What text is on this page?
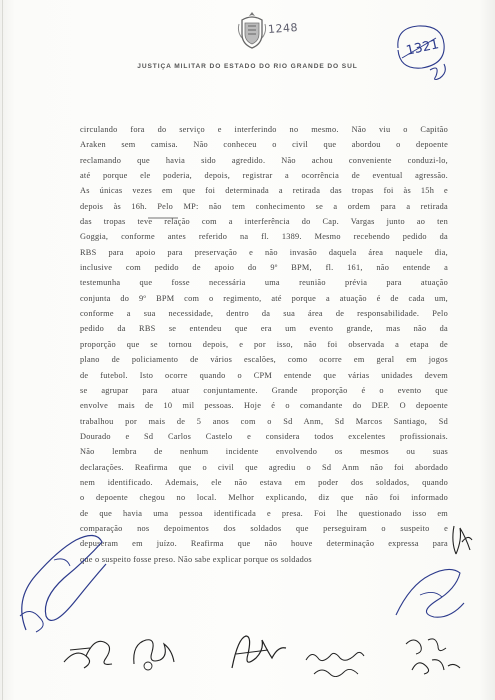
1248
JUSTIÇA MILITAR DO ESTADO DO RIO GRANDE DO SUL
1321
circulando fora do serviço e interferindo no mesmo. Não viu o Capitão
Araken sem camisa. Não conheceu o civil que abordou o depoente
reclamando que havia sido agredido. Não achou conveniente conduzi-lo,
até porque ele poderia, depois, registrar a ocorrência de eventual agressão.
As únicas vezes em que foi determinada a retirada das tropas foi às 15h e
depois às 16h. Pelo MP: não tem conhecimento se a ordem para a retirada
das tropas teve relação com a interferência do Cap. Vargas junto ao ten
Goggia, conforme antes referido na fl. 1389. Mesmo recebendo pedido da
RBS para apoio para preservação e não invasão daquela área naquele dia,
inclusive com pedido de apoio do 9º BPM, fl. 161, não entende a
testemunha que fosse necessária uma reunião prévia para atuação
conjunta do 9º BPM com o regimento, até porque a atuação é de cada um,
conforme a sua necessidade, dentro da sua área de responsabilidade. Pelo
pedido da RBS se entendeu que era um evento grande, mas não da
proporção que se tornou depois, e por isso, não foi observada a etapa de
plano de policiamento de vários escalões, como ocorre em geral em jogos
de futebol. Isto ocorre quando o CPM entende que várias unidades devem
se agrupar para atuar conjuntamente. Grande proporção é o evento que
envolve mais de 10 mil pessoas. Hoje é o comandante do DEP. O depoente
trabalhou por mais de 5 anos com o Sd Anm, Sd Marcos Santiago, Sd
Dourado e Sd Carlos Castelo e considera todos excelentes profissionais.
Não lembra de nenhum incidente envolvendo os mesmos ou suas
declarações. Reafirma que o civil que agrediu o Sd Anm não foi abordado
nem identificado. Ademais, ele não estava em poder dos soldados, quando
o depoente chegou no local. Melhor explicando, diz que não foi informado
de que havia uma pessoa identificada e presa. Foi lhe questionado isso em
comparação nos depoimentos dos soldados que perseguiram o suspeito e
depuseram em juízo. Reafirma que não houve determinação expressa para
que o suspeito fosse preso. Não sabe explicar porque os soldados
